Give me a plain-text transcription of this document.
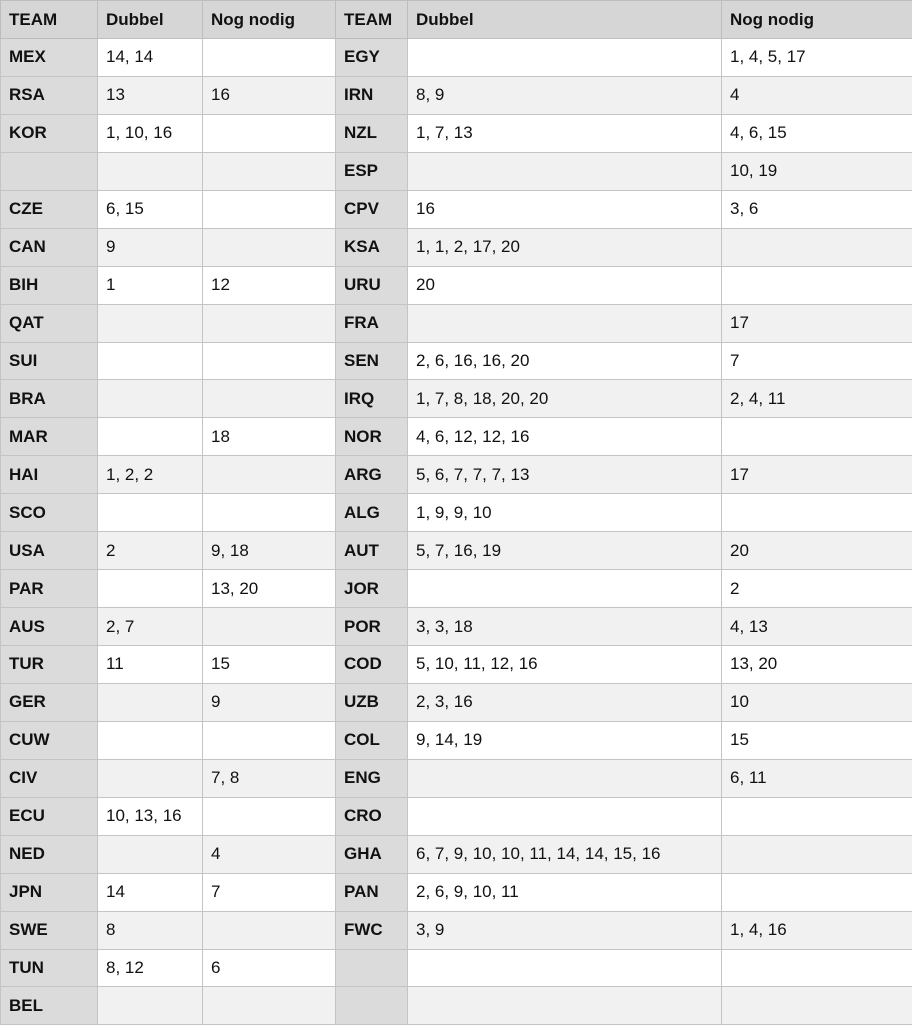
TEAM	Dubbel	Nog nodig	TEAM	Dubbel	Nog nodig
MEX	14, 14		EGY		1, 4, 5, 17
RSA	13	16	IRN	8, 9	4
KOR	1, 10, 16		NZL	1, 7, 13	4, 6, 15
			ESP		10, 19
CZE	6, 15		CPV	16	3, 6
CAN	9		KSA	1, 1, 2, 17, 20	
BIH	1	12	URU	20	
QAT			FRA		17
SUI			SEN	2, 6, 16, 16, 20	7
BRA			IRQ	1, 7, 8, 18, 20, 20	2, 4, 11
MAR		18	NOR	4, 6, 12, 12, 16	
HAI	1, 2, 2		ARG	5, 6, 7, 7, 7, 13	17
SCO			ALG	1, 9, 9, 10	
USA	2	9, 18	AUT	5, 7, 16, 19	20
PAR		13, 20	JOR		2
AUS	2, 7		POR	3, 3, 18	4, 13
TUR	11	15	COD	5, 10, 11, 12, 16	13, 20
GER		9	UZB	2, 3, 16	10
CUW			COL	9, 14, 19	15
CIV		7, 8	ENG		6, 11
ECU	10, 13, 16		CRO		
NED		4	GHA	6, 7, 9, 10, 10, 11, 14, 14, 15, 16	
JPN	14	7	PAN	2, 6, 9, 10, 11	
SWE	8		FWC	3, 9	1, 4, 16
TUN	8, 12	6			
BEL					
